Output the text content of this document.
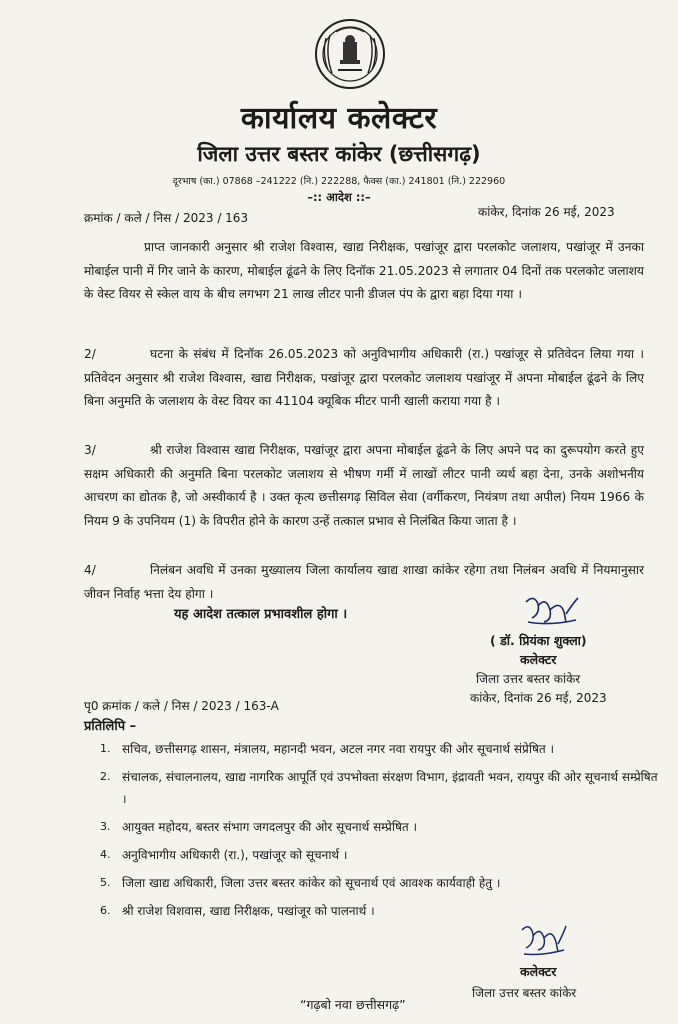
कार्यालय कलेक्टर
जिला उत्तर बस्तर कांकेर (छत्तीसगढ़)
दूरभाष (का.) 07868 –241222 (नि.) 222288, फैक्स (का.) 241801 (नि.) 222960
–:: आदेश ::–
क्रमांक / कले / निस / 2023 / 163	कांकेर, दिनांक 26 मई, 2023
प्राप्त जानकारी अनुसार श्री राजेश विश्वास, खाद्य निरीक्षक, पखांजूर द्वारा परलकोट जलाशय, पखांजूर में उनका मोबाईल पानी में गिर जाने के कारण, मोबाईल ढूंढने के लिए दिनॉक 21.05.2023 से लगातार 04 दिनों तक परलकोट जलाशय के वेस्ट वियर से स्केल वाय के बीच लगभग 21 लाख लीटर पानी डीजल पंप के द्वारा बहा दिया गया ।
2/	घटना के संबंध में दिनॉक 26.05.2023 को अनुविभागीय अधिकारी (रा.) पखांजूर से प्रतिवेदन लिया गया । प्रतिवेदन अनुसार श्री राजेश विश्वास, खाद्य निरीक्षक, पखांजूर द्वारा परलकोट जलाशय पखांजूर में अपना मोबाईल ढूंढने के लिए बिना अनुमति के जलाशय के वेस्ट वियर का 41104 क्यूबिक मीटर पानी खाली कराया गया है ।
3/	श्री राजेश विश्वास खाद्य निरीक्षक, पखांजूर द्वारा अपना मोबाईल ढूंढने के लिए अपने पद का दुरूपयोग करते हुए सक्षम अधिकारी की अनुमति बिना परलकोट जलाशय से भीषण गर्मी में लाखों लीटर पानी व्यर्थ बहा देना, उनके अशोभनीय आचरण का द्योतक है, जो अस्वीकार्य है । उक्त कृत्य छत्तीसगढ़ सिविल सेवा (वर्गीकरण, नियंत्रण तथा अपील) नियम 1966 के नियम 9 के उपनियम (1) के विपरीत होने के कारण उन्हें तत्काल प्रभाव से निलंबित किया जाता है ।
4/	निलंबन अवधि में उनका मुख्यालय जिला कार्यालय खाद्य शाखा कांकेर रहेगा तथा निलंबन अवधि में नियमानुसार जीवन निर्वाह भत्ता देय होगा ।
यह आदेश तत्काल प्रभावशील होगा ।
( डॉ. प्रियंका शुक्ला)
कलेक्टर
जिला उत्तर बस्तर कांकेर
कांकेर, दिनांक 26 मई, 2023
पृ0 क्रमांक / कले / निस / 2023 / 163-A
प्रतिलिपि –
1. सचिव, छत्तीसगढ़ शासन, मंत्रालय, महानदी भवन, अटल नगर नवा रायपुर की ओर सूचनार्थ संप्रेषित ।
2. संचालक, संचालनालय, खाद्य नागरिक आपूर्ति एवं उपभोक्ता संरक्षण विभाग, इंद्रावती भवन, रायपुर की ओर सूचनार्थ सम्प्रेषित ।
3. आयुक्त महोदय, बस्तर संभाग जगदलपुर की ओर सूचनार्थ सम्प्रेषित ।
4. अनुविभागीय अधिकारी (रा.), पखांजूर को सूचनार्थ ।
5. जिला खाद्य अधिकारी, जिला उत्तर बस्तर कांकेर को सूचनार्थ एवं आवश्क कार्यवाही हेतु ।
6. श्री राजेश विशवास, खाद्य निरीक्षक, पखांजूर को पालनार्थ ।
कलेक्टर
जिला उत्तर बस्तर कांकेर
“गढ़बो नवा छत्तीसगढ़”
